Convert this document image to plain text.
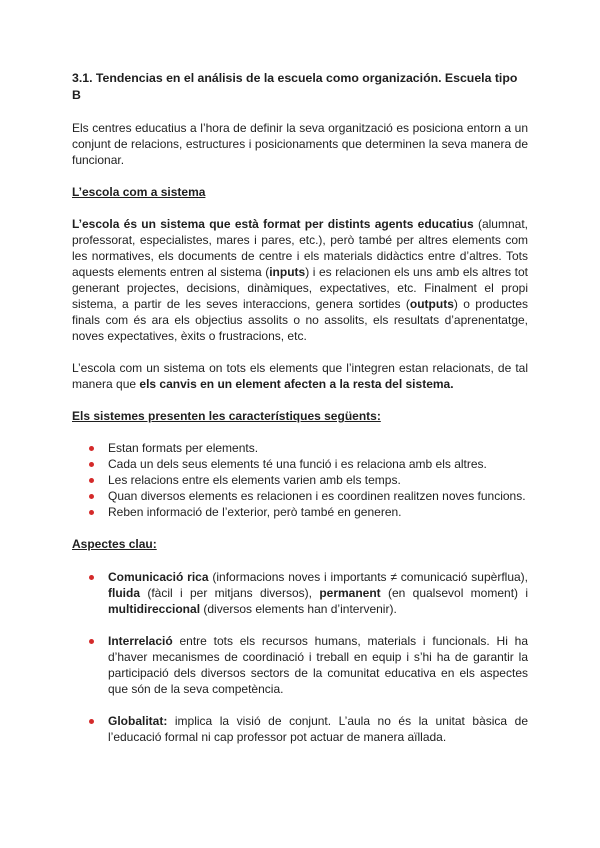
3.1. Tendencias en el análisis de la escuela como organización. Escuela tipo B

Els centres educatius a l’hora de definir la seva organització es posiciona entorn a un conjunt de relacions, estructures i posicionaments que determinen la seva manera de funcionar.

L’escola com a sistema

L’escola és un sistema que està format per distints agents educatius (alumnat, professorat, especialistes, mares i pares, etc.), però també per altres elements com les normatives, els documents de centre i els materials didàctics entre d’altres. Tots aquests elements entren al sistema (inputs) i es relacionen els uns amb els altres tot generant projectes, decisions, dinàmiques, expectatives, etc. Finalment el propi sistema, a partir de les seves interaccions, genera sortides (outputs) o productes finals com és ara els objectius assolits o no assolits, els resultats d’aprenentatge, noves expectatives, èxits o frustracions, etc.

L’escola com un sistema on tots els elements que l’integren estan relacionats, de tal manera que els canvis en un element afecten a la resta del sistema.

Els sistemes presenten les característiques següents:

Estan formats per elements.
Cada un dels seus elements té una funció i es relaciona amb els altres.
Les relacions entre els elements varien amb els temps.
Quan diversos elements es relacionen i es coordinen realitzen noves funcions.
Reben informació de l’exterior, però també en generen.

Aspectes clau:

Comunicació rica (informacions noves i importants ≠ comunicació supèrflua), fluida (fàcil i per mitjans diversos), permanent (en qualsevol moment) i multidireccional (diversos elements han d’intervenir).
Interrelació entre tots els recursos humans, materials i funcionals. Hi ha d’haver mecanismes de coordinació i treball en equip i s’hi ha de garantir la participació dels diversos sectors de la comunitat educativa en els aspectes que són de la seva competència.
Globalitat: implica la visió de conjunt. L’aula no és la unitat bàsica de l’educació formal ni cap professor pot actuar de manera aïllada.
